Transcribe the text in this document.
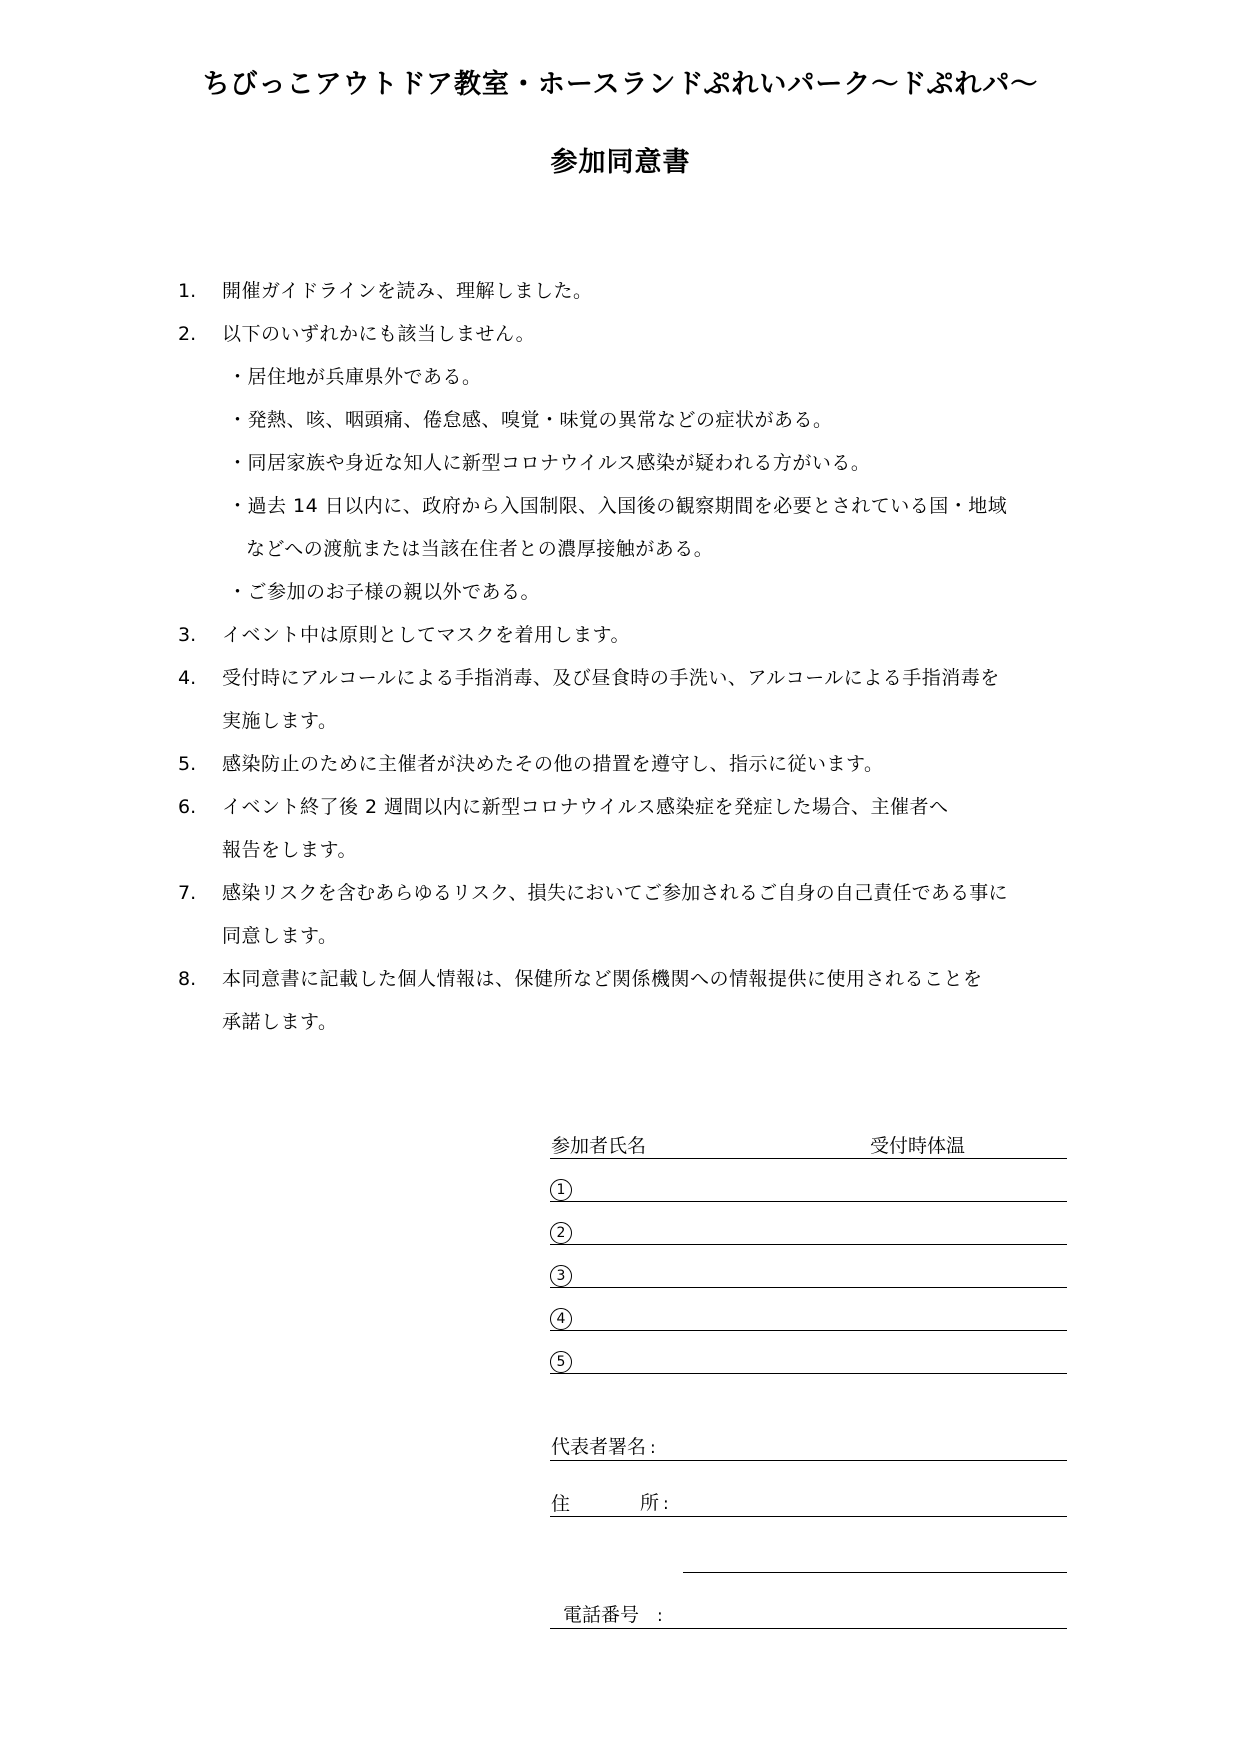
ちびっこアウトドア教室・ホースランドぷれいパーク～ドぷれパ～
参加同意書
1. 開催ガイドラインを読み、理解しました。
2. 以下のいずれかにも該当しません。
・居住地が兵庫県外である。
・発熱、咳、咽頭痛、倦怠感、嗅覚・味覚の異常などの症状がある。
・同居家族や身近な知人に新型コロナウイルス感染が疑われる方がいる。
・過去 14 日以内に、政府から入国制限、入国後の観察期間を必要とされている国・地域
などへの渡航または当該在住者との濃厚接触がある。
・ご参加のお子様の親以外である。
3. イベント中は原則としてマスクを着用します。
4. 受付時にアルコールによる手指消毒、及び昼食時の手洗い、アルコールによる手指消毒を
実施します。
5. 感染防止のために主催者が決めたその他の措置を遵守し、指示に従います。
6. イベント終了後 2 週間以内に新型コロナウイルス感染症を発症した場合、主催者へ
報告をします。
7. 感染リスクを含むあらゆるリスク、損失においてご参加されるご自身の自己責任である事に
同意します。
8. 本同意書に記載した個人情報は、保健所など関係機関への情報提供に使用されることを
承諾します。
参加者氏名	受付時体温
1
2
3
4
5
代表者署名 :
住	所 :
電話番号 :
